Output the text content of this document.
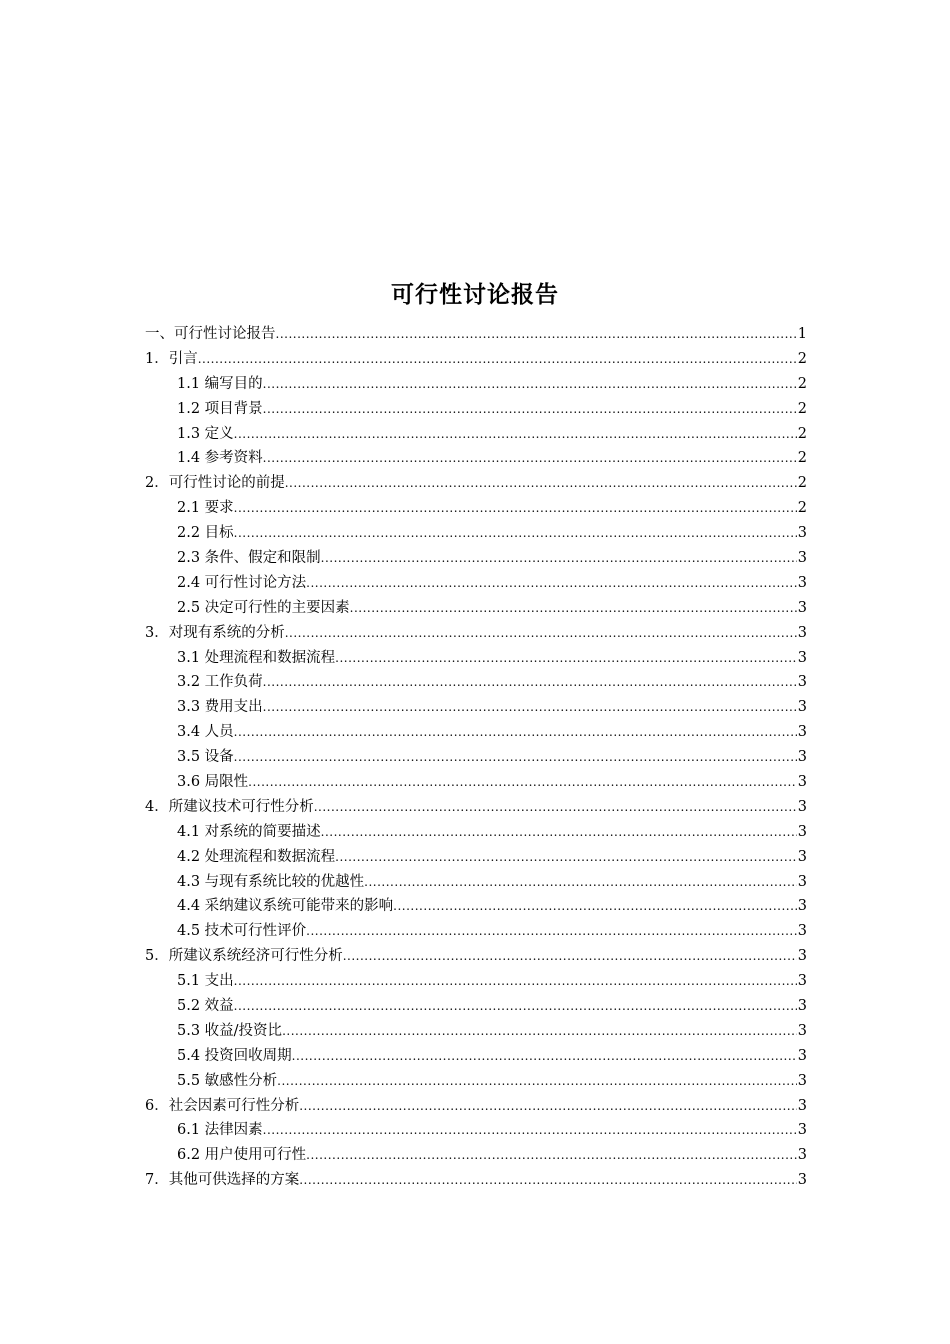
可行性讨论报告
一、可行性讨论报告 .....	1
1．引言 .....	2
1.1 编写目的 .....	2
1.2 项目背景 .....	2
1.3 定义 .....	2
1.4 参考资料 .....	2
2．可行性讨论的前提 .....	2
2.1 要求 .....	2
2.2 目标 .....	3
2.3 条件、假定和限制 .....	3
2.4 可行性讨论方法 .....	3
2.5 决定可行性的主要因素 .....	3
3．对现有系统的分析 .....	3
3.1 处理流程和数据流程 .....	3
3.2 工作负荷 .....	3
3.3 费用支出 .....	3
3.4 人员 .....	3
3.5 设备 .....	3
3.6 局限性 .....	3
4．所建议技术可行性分析 .....	3
4.1 对系统的简要描述 .....	3
4.2 处理流程和数据流程 .....	3
4.3 与现有系统比较的优越性 .....	3
4.4 采纳建议系统可能带来的影响 .....	3
4.5 技术可行性评价 .....	3
5．所建议系统经济可行性分析 .....	3
5.1 支出 .....	3
5.2 效益 .....	3
5.3 收益/投资比 .....	3
5.4 投资回收周期 .....	3
5.5 敏感性分析 .....	3
6．社会因素可行性分析 .....	3
6.1 法律因素 .....	3
6.2 用户使用可行性 .....	3
7．其他可供选择的方案 .....	3
